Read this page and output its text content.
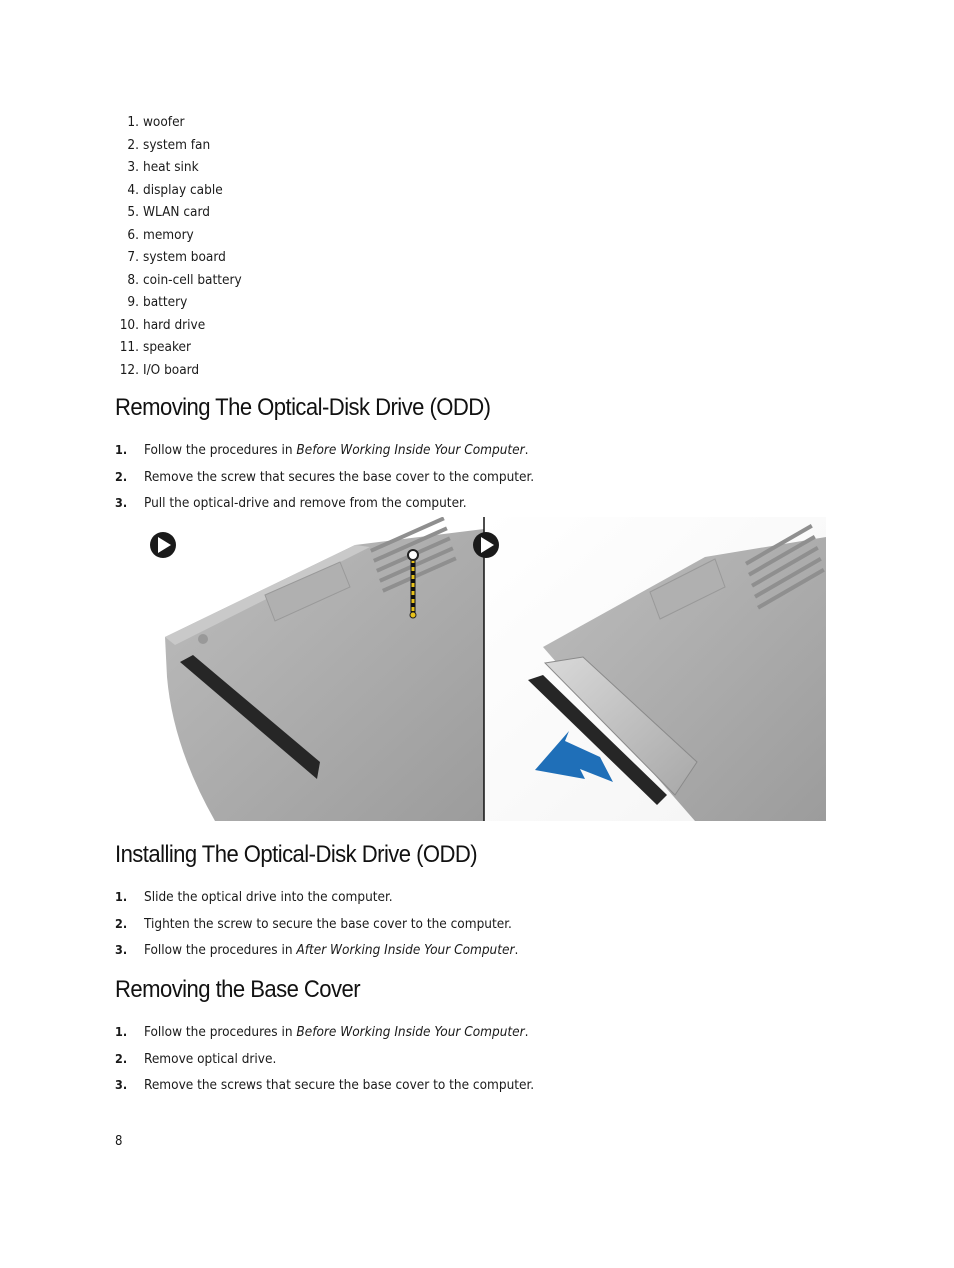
1. woofer
2. system fan
3. heat sink
4. display cable
5. WLAN card
6. memory
7. system board
8. coin-cell battery
9. battery
10. hard drive
11. speaker
12. I/O board
Removing The Optical-Disk Drive (ODD)
1.	Follow the procedures in Before Working Inside Your Computer.
2.	Remove the screw that secures the base cover to the computer.
3.	Pull the optical-drive and remove from the computer.
Installing The Optical-Disk Drive (ODD)
1.	Slide the optical drive into the computer.
2.	Tighten the screw to secure the base cover to the computer.
3.	Follow the procedures in After Working Inside Your Computer.
Removing the Base Cover
1.	Follow the procedures in Before Working Inside Your Computer.
2.	Remove optical drive.
3.	Remove the screws that secure the base cover to the computer.
8
